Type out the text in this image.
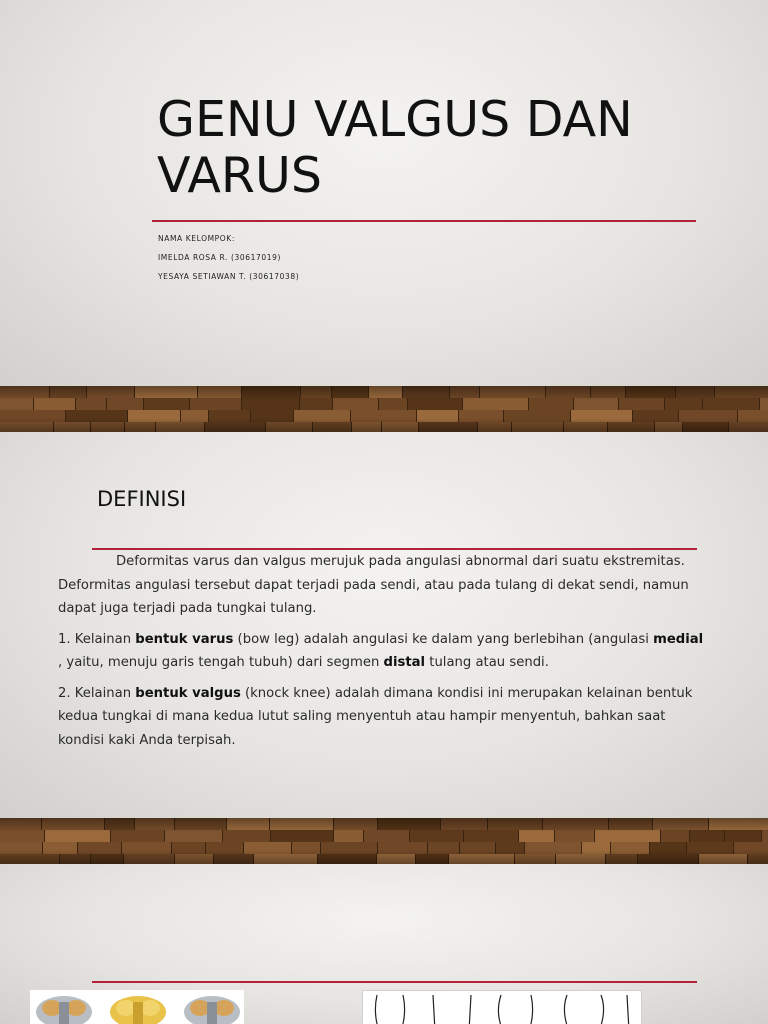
GENU VALGUS DAN VARUS
NAMA KELOMPOK:
IMELDA ROSA R. (30617019)
YESAYA SETIAWAN T. (30617038)
DEFINISI

Deformitas varus dan valgus merujuk pada angulasi abnormal dari suatu ekstremitas. Deformitas angulasi tersebut dapat terjadi pada sendi, atau pada tulang di dekat sendi, namun dapat juga terjadi pada tungkai tulang.

1. Kelainan bentuk varus (bow leg) adalah angulasi ke dalam yang berlebihan (angulasi medial , yaitu, menuju garis tengah tubuh) dari segmen distal tulang atau sendi.

2. Kelainan bentuk valgus (knock knee) adalah dimana kondisi ini merupakan kelainan bentuk kedua tungkai di mana kedua lutut saling menyentuh atau hampir menyentuh, bahkan saat kondisi kaki Anda terpisah.
